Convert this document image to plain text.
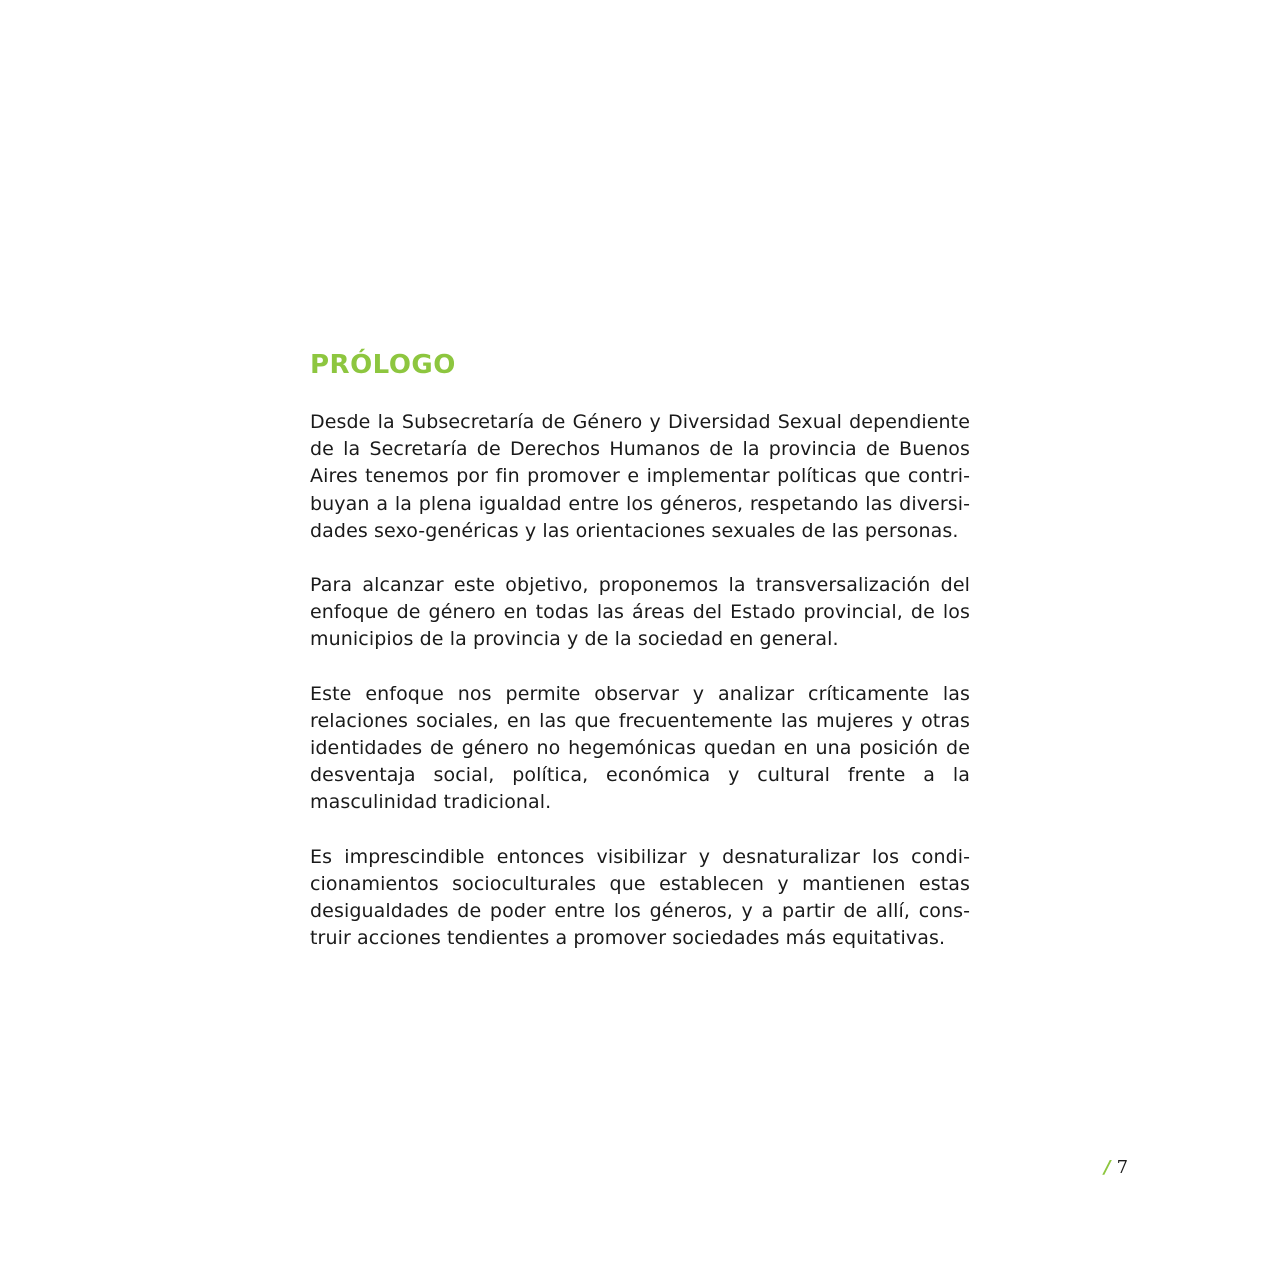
PRÓLOGO

Desde la Subsecretaría de Género y Diversidad Sexual dependiente de la Secretaría de Derechos Humanos de la provincia de Buenos Aires tenemos por fin promover e implementar políticas que contribuyan a la plena igualdad entre los géneros, respetando las diversidades sexo-genéricas y las orientaciones sexuales de las personas.

Para alcanzar este objetivo, proponemos la transversalización del enfoque de género en todas las áreas del Estado provincial, de los municipios de la provincia y de la sociedad en general.

Este enfoque nos permite observar y analizar críticamente las relaciones sociales, en las que frecuentemente las mujeres y otras identidades de género no hegemónicas quedan en una posición de desventaja social, política, económica y cultural frente a la masculinidad tradicional.

Es imprescindible entonces visibilizar y desnaturalizar los condicionamientos socioculturales que establecen y mantienen estas desigualdades de poder entre los géneros, y a partir de allí, construir acciones tendientes a promover sociedades más equitativas.

/ 7
